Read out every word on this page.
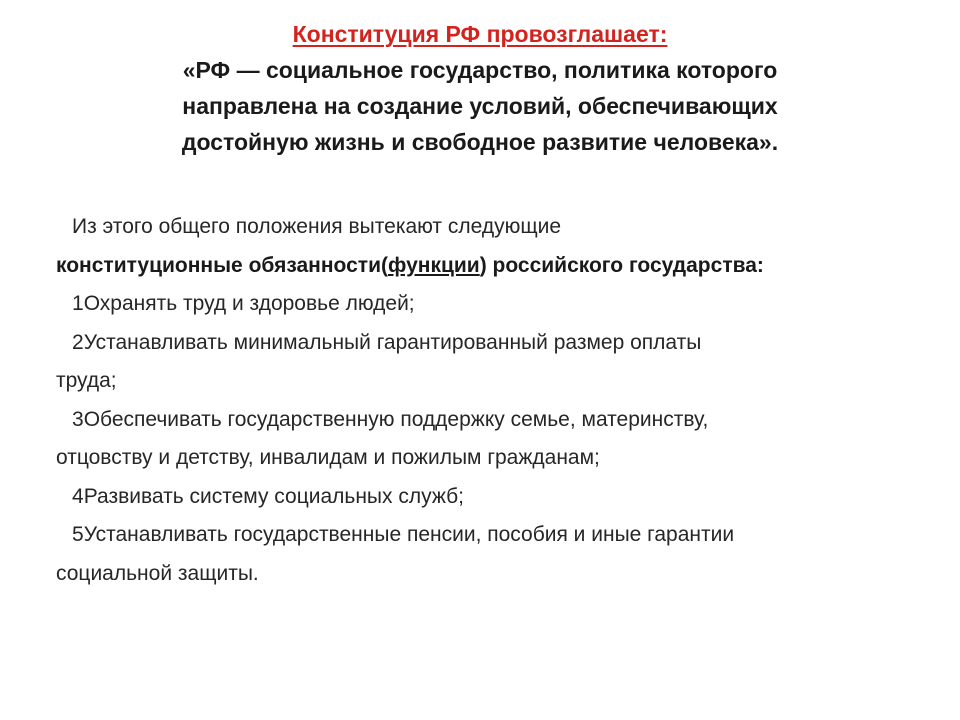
Конституция РФ провозглашает:

«РФ — социальное государство, политика которого

направлена на создание условий, обеспечивающих

достойную жизнь и свободное развитие человека».

Из этого общего положения вытекают следующие

конституционные обязанности(функции) российского государства:

1Охранять труд и здоровье людей;

2Устанавливать минимальный гарантированный размер оплаты

труда;

3Обеспечивать государственную поддержку семье, материнству,

отцовству и детству, инвалидам и пожилым гражданам;

4Развивать систему социальных служб;

5Устанавливать государственные пенсии, пособия и иные гарантии

социальной защиты.
